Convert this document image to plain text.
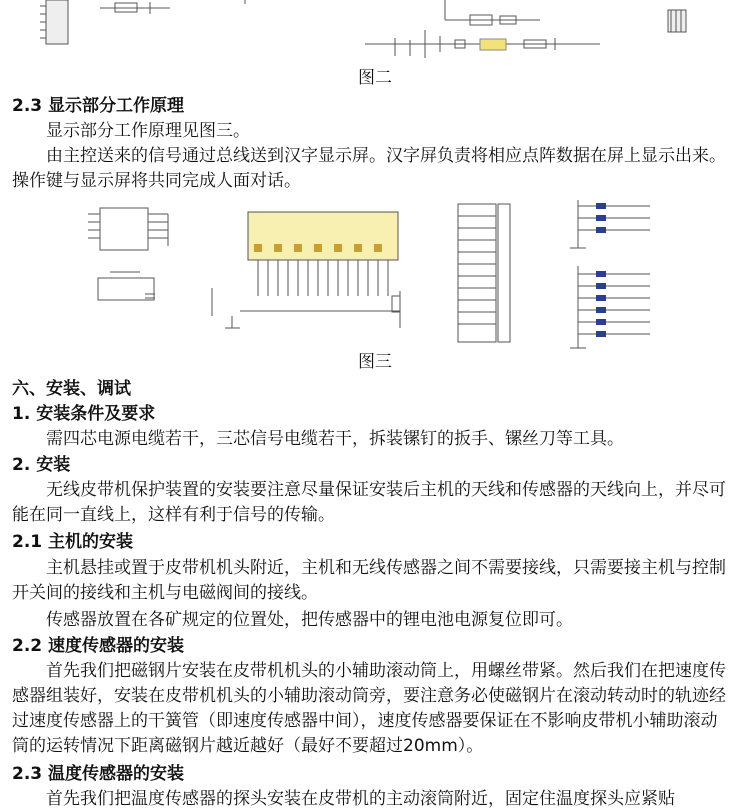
图二

2.3 显示部分工作原理

显示部分工作原理见图三。

由主控送来的信号通过总线送到汉字显示屏。汉字屏负责将相应点阵数据在屏上显示出来。操作键与显示屏将共同完成人面对话。

图三

六、安装、调试

1. 安装条件及要求

需四芯电源电缆若干，三芯信号电缆若干，拆装镙钉的扳手、镙丝刀等工具。

2. 安装

无线皮带机保护装置的安装要注意尽量保证安装后主机的天线和传感器的天线向上，并尽可能在同一直线上，这样有利于信号的传输。

2.1 主机的安装

主机悬挂或置于皮带机机头附近，主机和无线传感器之间不需要接线，只需要接主机与控制开关间的接线和主机与电磁阀间的接线。

传感器放置在各矿规定的位置处，把传感器中的锂电池电源复位即可。

2.2 速度传感器的安装

首先我们把磁钢片安装在皮带机机头的小辅助滚动筒上，用螺丝带紧。然后我们在把速度传感器组装好，安装在皮带机机头的小辅助滚动筒旁，要注意务必使磁钢片在滚动转动时的轨迹经过速度传感器上的干簧管（即速度传感器中间），速度传感器要保证在不影响皮带机小辅助滚动筒的运转情况下距离磁钢片越近越好（最好不要超过20mm）。

2.3 温度传感器的安装

首先我们把温度传感器的探头安装在皮带机的主动滚筒附近，固定住温度探头应紧贴
